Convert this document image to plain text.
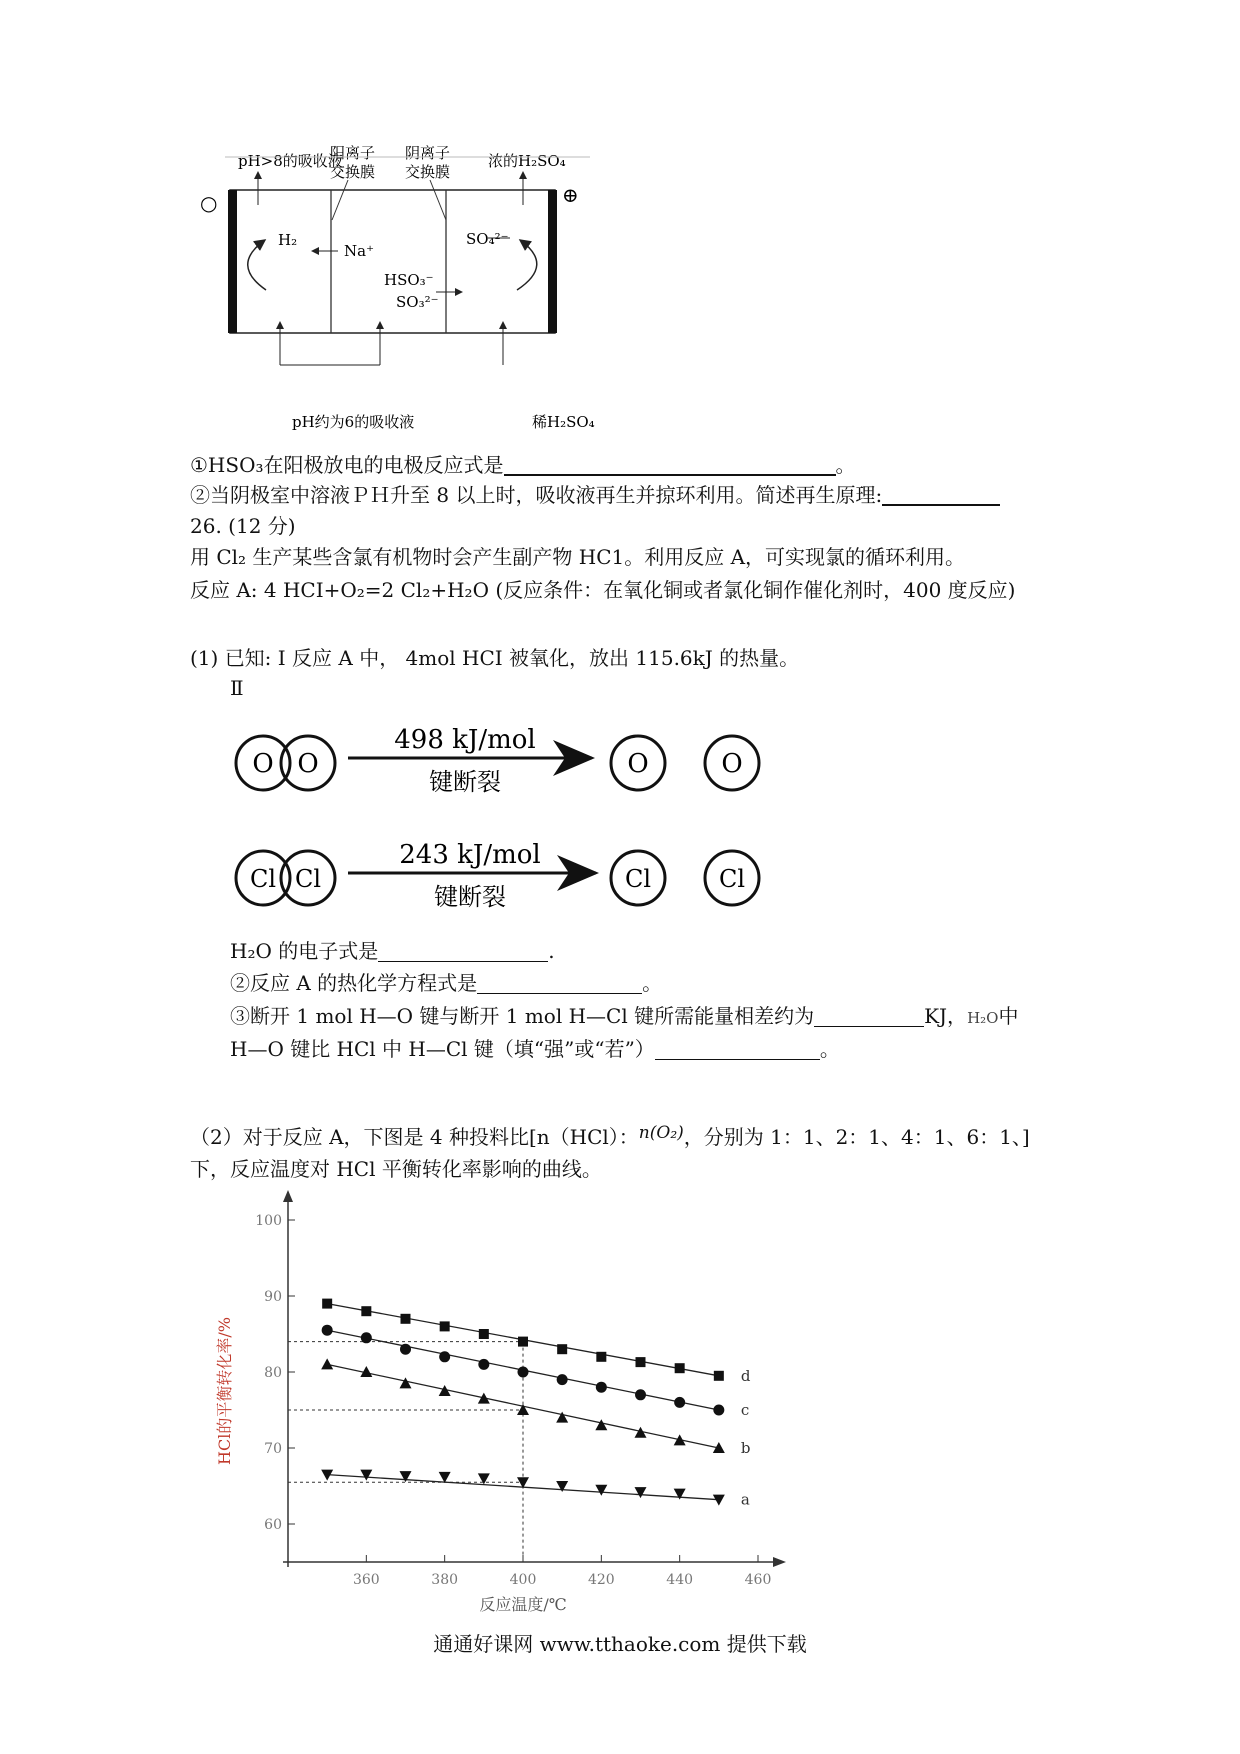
pH>8的吸收液
阳离子
交换膜
阴离子
交换膜
浓的H₂SO₄
○	⊕
H₂
Na⁺
SO₄²⁻
HSO₃⁻
SO₃²⁻
pH约为6的吸收液	稀H₂SO₄
①HSO₃在阳极放电的电极反应式是	。
②当阴极室中溶液ＰＨ升至 8 以上时，吸收液再生并掠环利用。简述再生原理:
26. (12 分)
用 Cl₂ 生产某些含氯有机物时会产生副产物 HC1。利用反应 A，可实现氯的循环利用。
反应 A: 4 HCI+O₂=2 Cl₂+H₂O (反应条件：在氧化铜或者氯化铜作催化剂时，400 度反应)
(1) 已知: Ⅰ 反应 A 中， 4mol HCI 被氧化，放出 115.6kJ 的热量。
Ⅱ
O O
498 kJ/mol
键断裂
O	O
Cl Cl
243 kJ/mol
键断裂
Cl	Cl
H₂O 的电子式是	.
②反应 A 的热化学方程式是	。
③断开 1 mol H—O 键与断开 1 mol H—Cl 键所需能量相差约为	KJ，H₂O中
H—O 键比 HCl 中 H—Cl 键（填“强”或“若”）	。
（2）对于反应 A，下图是 4 种投料比[n（HCl）：$^{n(O_2)}$，分别为 1：1、2：1、4：1、6：1、]
下，反应温度对 HCl 平衡转化率影响的曲线。
60
70
80
90
100
360	380	400	420	440	460
d
c
b
a
HCl的平衡转化率/%
反应温度/℃
通通好课网 www.tthaoke.com 提供下载
